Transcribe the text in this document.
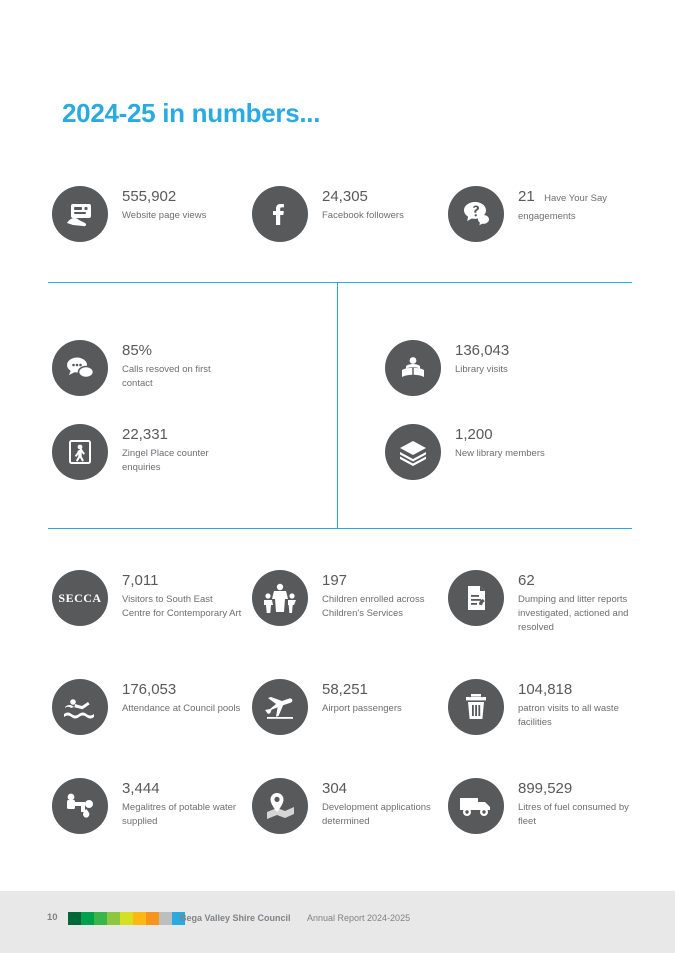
2024-25 in numbers...
555,902
Website page views
24,305
Facebook followers
21 Have Your Say engagements
85%
Calls resoved on first contact
22,331
Zingel Place counter enquiries
136,043
Library visits
1,200
New library members
SECCA
7,011
Visitors to South East Centre for Contemporary Art
197
Children enrolled across Children's Services
62
Dumping and litter reports investigated, actioned and resolved
176,053
Attendance at Council pools
58,251
Airport passengers
104,818
patron visits to all waste facilities
3,444
Megalitres of potable water supplied
304
Development applications determined
899,529
Litres of fuel consumed by fleet
10	Bega Valley Shire Council Annual Report 2024-2025
